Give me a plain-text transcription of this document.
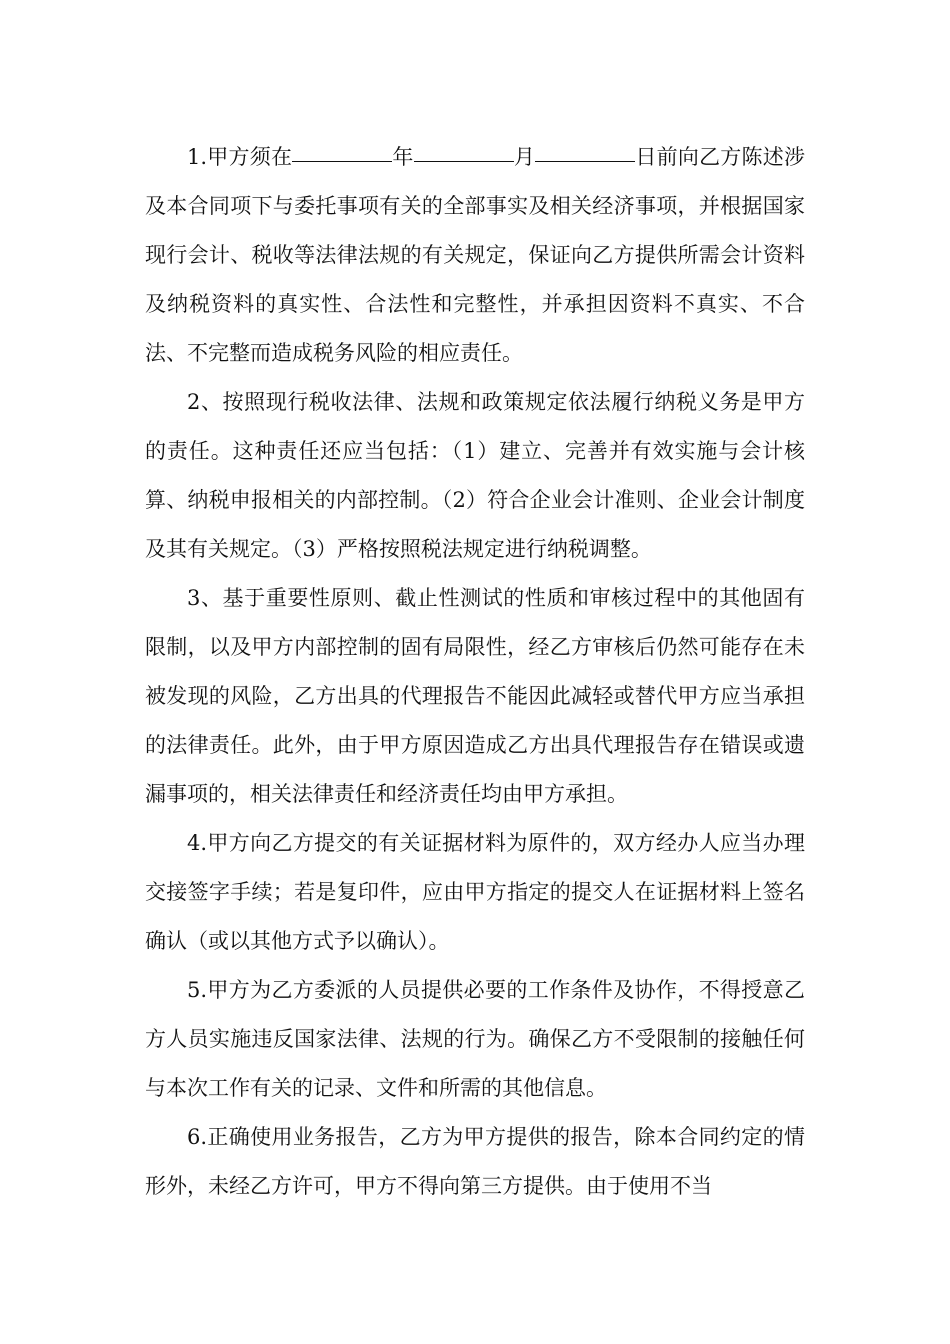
1.甲方须在	年	月	日前向乙方陈述涉及本合同项下与委托事项有关的全部事实及相关经济事项，并根据国家现行会计、税收等法律法规的有关规定，保证向乙方提供所需会计资料及纳税资料的真实性、合法性和完整性，并承担因资料不真实、不合法、不完整而造成税务风险的相应责任。

2、按照现行税收法律、法规和政策规定依法履行纳税义务是甲方的责任。这种责任还应当包括：（1）建立、完善并有效实施与会计核算、纳税申报相关的内部控制。（2）符合企业会计准则、企业会计制度及其有关规定。（3）严格按照税法规定进行纳税调整。

3、基于重要性原则、截止性测试的性质和审核过程中的其他固有限制，以及甲方内部控制的固有局限性，经乙方审核后仍然可能存在未被发现的风险，乙方出具的代理报告不能因此减轻或替代甲方应当承担的法律责任。此外，由于甲方原因造成乙方出具代理报告存在错误或遗漏事项的，相关法律责任和经济责任均由甲方承担。

4.甲方向乙方提交的有关证据材料为原件的，双方经办人应当办理交接签字手续；若是复印件，应由甲方指定的提交人在证据材料上签名确认（或以其他方式予以确认）。

5.甲方为乙方委派的人员提供必要的工作条件及协作，不得授意乙方人员实施违反国家法律、法规的行为。确保乙方不受限制的接触任何与本次工作有关的记录、文件和所需的其他信息。

6.正确使用业务报告，乙方为甲方提供的报告，除本合同约定的情形外，未经乙方许可，甲方不得向第三方提供。由于使用不当
